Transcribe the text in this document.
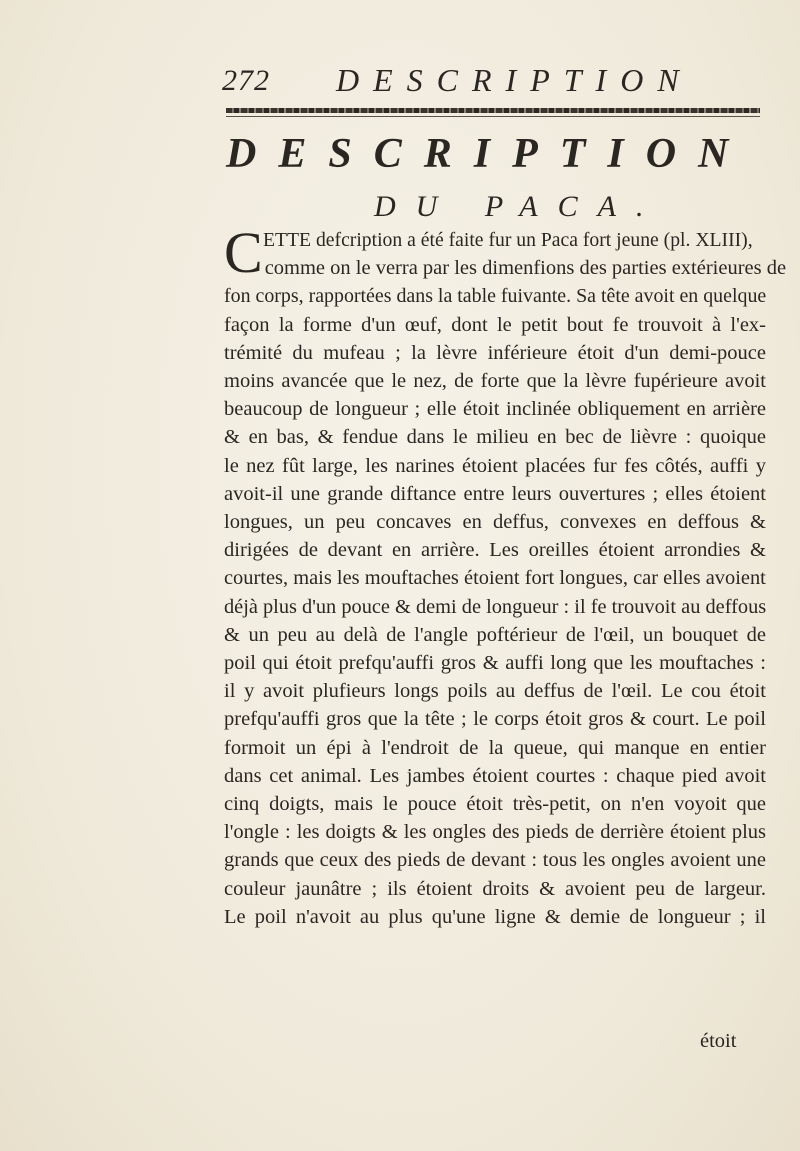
272 DESCRIPTION
DESCRIPTION
DU PACA.
C ETTE defcription a été faite fur un Paca fort jeune (pl. XLIII),
comme on le verra par les dimenfions des parties extérieures de
fon corps, rapportées dans la table fuivante. Sa tête avoit en quelque
façon la forme d'un œuf, dont le petit bout fe trouvoit à l'ex-
trémité du mufeau ; la lèvre inférieure étoit d'un demi-pouce
moins avancée que le nez, de forte que la lèvre fupérieure avoit
beaucoup de longueur ; elle étoit inclinée obliquement en arrière
& en bas, & fendue dans le milieu en bec de lièvre : quoique
le nez fût large, les narines étoient placées fur fes côtés, auffi y
avoit-il une grande diftance entre leurs ouvertures ; elles étoient
longues, un peu concaves en deffus, convexes en deffous &
dirigées de devant en arrière. Les oreilles étoient arrondies &
courtes, mais les mouftaches étoient fort longues, car elles avoient
déjà plus d'un pouce & demi de longueur : il fe trouvoit au deffous
& un peu au delà de l'angle poftérieur de l'œil, un bouquet de
poil qui étoit prefqu'auffi gros & auffi long que les mouftaches :
il y avoit plufieurs longs poils au deffus de l'œil. Le cou étoit
prefqu'auffi gros que la tête ; le corps étoit gros & court. Le poil
formoit un épi à l'endroit de la queue, qui manque en entier
dans cet animal. Les jambes étoient courtes : chaque pied avoit
cinq doigts, mais le pouce étoit très-petit, on n'en voyoit que
l'ongle : les doigts & les ongles des pieds de derrière étoient plus
grands que ceux des pieds de devant : tous les ongles avoient une
couleur jaunâtre ; ils étoient droits & avoient peu de largeur.
Le poil n'avoit au plus qu'une ligne & demie de longueur ; il
étoit
